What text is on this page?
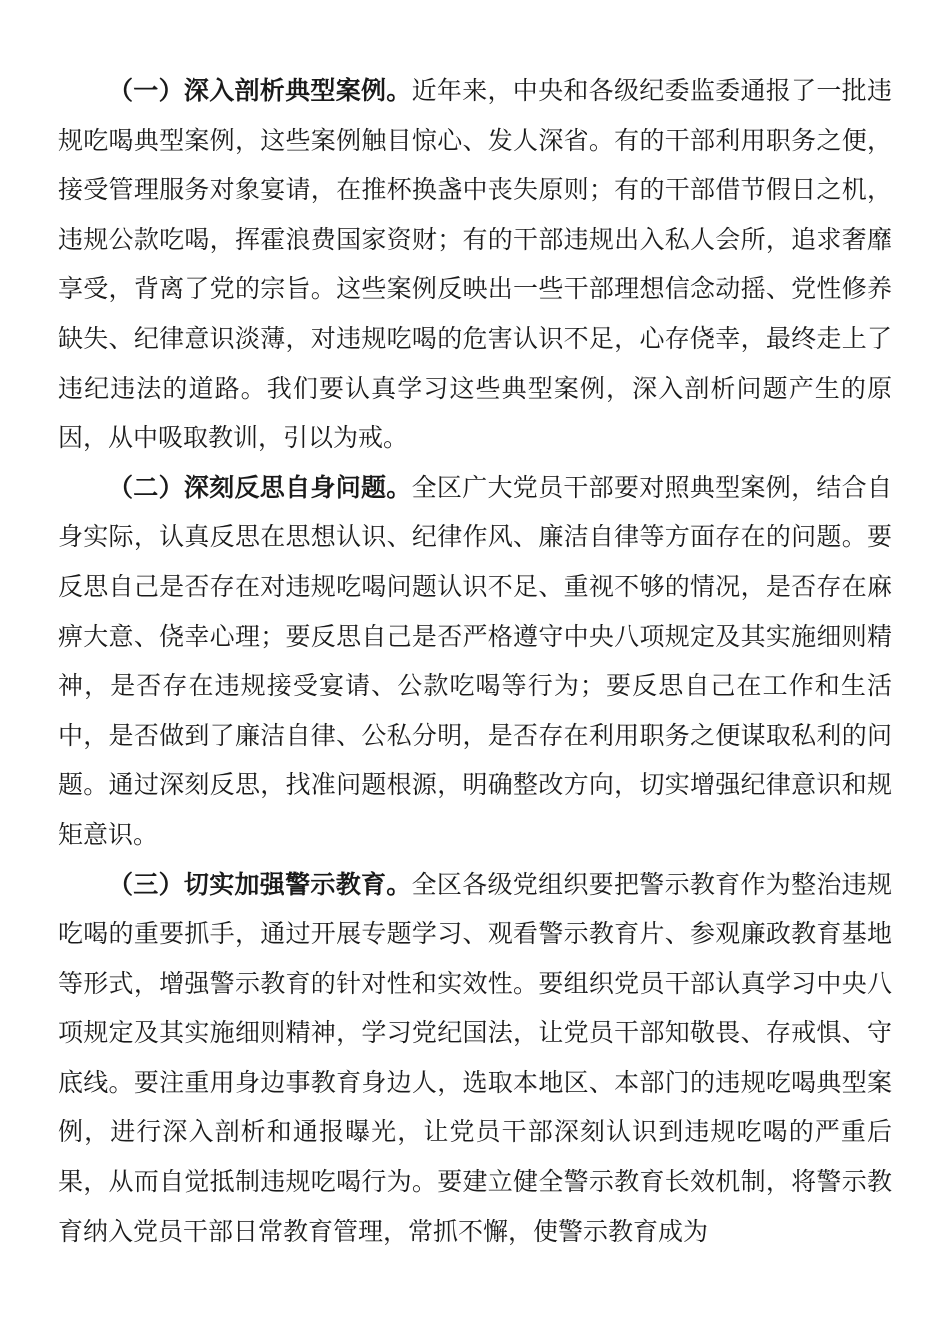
（一）深入剖析典型案例。近年来，中央和各级纪委监委通报了一批违规吃喝典型案例，这些案例触目惊心、发人深省。有的干部利用职务之便，接受管理服务对象宴请，在推杯换盏中丧失原则；有的干部借节假日之机，违规公款吃喝，挥霍浪费国家资财；有的干部违规出入私人会所，追求奢靡享受，背离了党的宗旨。这些案例反映出一些干部理想信念动摇、党性修养缺失、纪律意识淡薄，对违规吃喝的危害认识不足，心存侥幸，最终走上了违纪违法的道路。我们要认真学习这些典型案例，深入剖析问题产生的原因，从中吸取教训，引以为戒。

（二）深刻反思自身问题。全区广大党员干部要对照典型案例，结合自身实际，认真反思在思想认识、纪律作风、廉洁自律等方面存在的问题。要反思自己是否存在对违规吃喝问题认识不足、重视不够的情况，是否存在麻痹大意、侥幸心理；要反思自己是否严格遵守中央八项规定及其实施细则精神，是否存在违规接受宴请、公款吃喝等行为；要反思自己在工作和生活中，是否做到了廉洁自律、公私分明，是否存在利用职务之便谋取私利的问题。通过深刻反思，找准问题根源，明确整改方向，切实增强纪律意识和规矩意识。

（三）切实加强警示教育。全区各级党组织要把警示教育作为整治违规吃喝的重要抓手，通过开展专题学习、观看警示教育片、参观廉政教育基地等形式，增强警示教育的针对性和实效性。要组织党员干部认真学习中央八项规定及其实施细则精神，学习党纪国法，让党员干部知敬畏、存戒惧、守底线。要注重用身边事教育身边人，选取本地区、本部门的违规吃喝典型案例，进行深入剖析和通报曝光，让党员干部深刻认识到违规吃喝的严重后果，从而自觉抵制违规吃喝行为。要建立健全警示教育长效机制，将警示教育纳入党员干部日常教育管理，常抓不懈，使警示教育成为
